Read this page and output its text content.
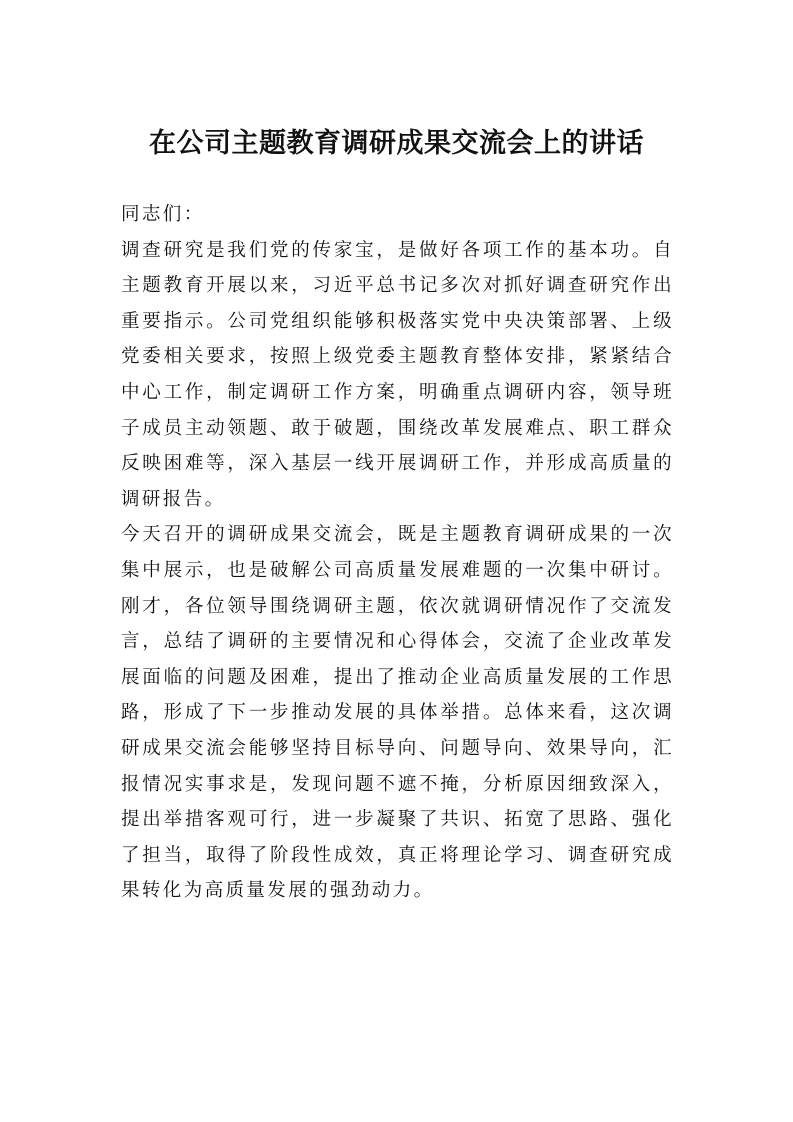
在公司主题教育调研成果交流会上的讲话

同志们：

调查研究是我们党的传家宝，是做好各项工作的基本功。自主题教育开展以来，习近平总书记多次对抓好调查研究作出重要指示。公司党组织能够积极落实党中央决策部署、上级党委相关要求，按照上级党委主题教育整体安排，紧紧结合中心工作，制定调研工作方案，明确重点调研内容，领导班子成员主动领题、敢于破题，围绕改革发展难点、职工群众反映困难等，深入基层一线开展调研工作，并形成高质量的调研报告。

今天召开的调研成果交流会，既是主题教育调研成果的一次集中展示，也是破解公司高质量发展难题的一次集中研讨。刚才，各位领导围绕调研主题，依次就调研情况作了交流发言，总结了调研的主要情况和心得体会，交流了企业改革发展面临的问题及困难，提出了推动企业高质量发展的工作思路，形成了下一步推动发展的具体举措。总体来看，这次调研成果交流会能够坚持目标导向、问题导向、效果导向，汇报情况实事求是，发现问题不遮不掩，分析原因细致深入，提出举措客观可行，进一步凝聚了共识、拓宽了思路、强化了担当，取得了阶段性成效，真正将理论学习、调查研究成果转化为高质量发展的强劲动力。
